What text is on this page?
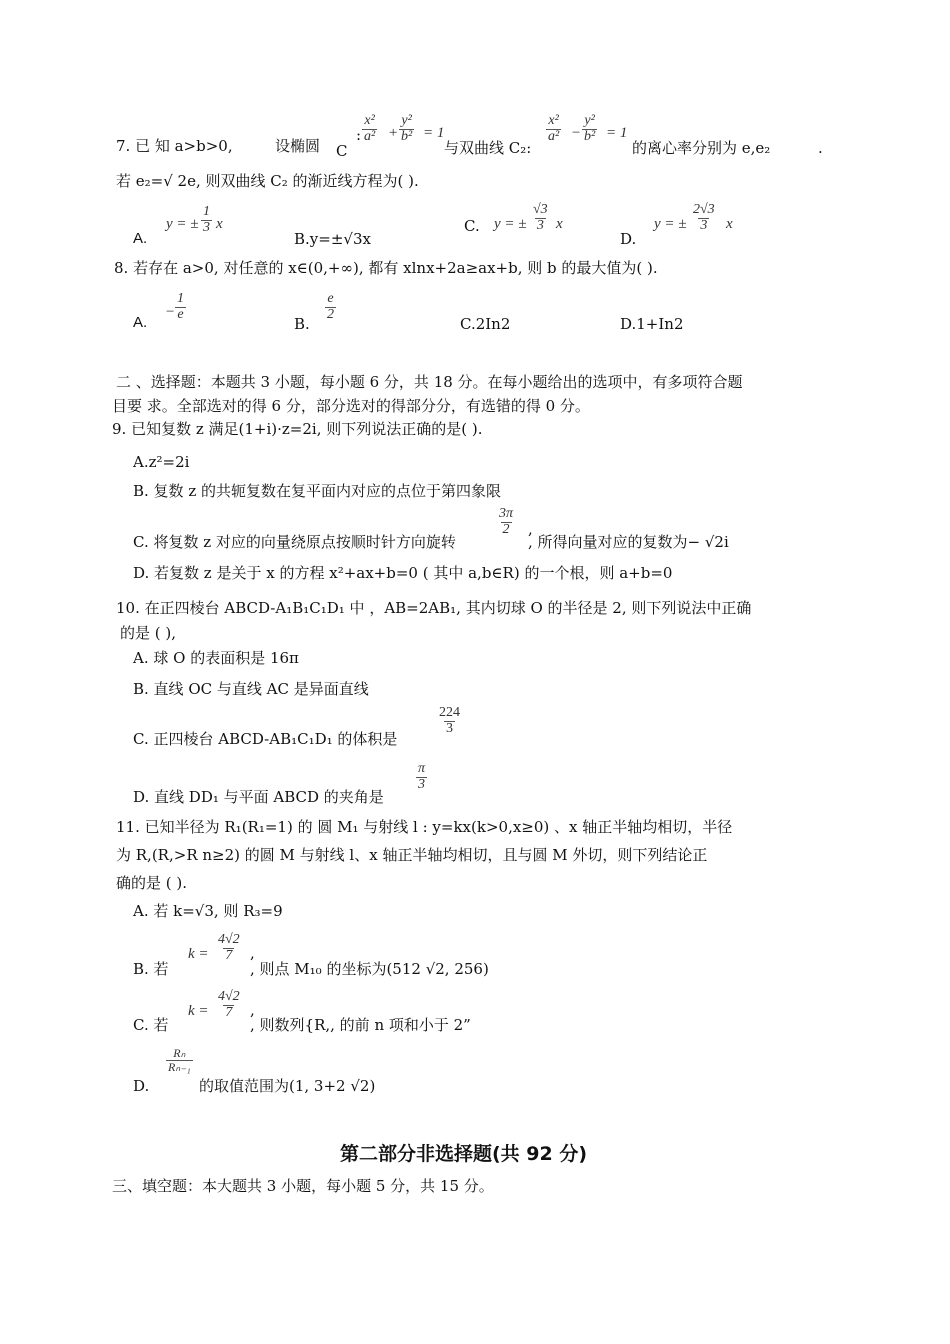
7. 已 知 a>b>0,	设椭圆 C
: $\frac{\text{x²}}{\text{a²}} + \frac{\text{y²}}{\text{b²}} = 1$
与双曲线 C₂:
$\frac{\text{x²}}{\text{a²}} - \frac{\text{y²}}{\text{b²}} = 1$
的离心率分别为 e,e₂	.
若 e₂=√ 2e, 则双曲线 C₂ 的渐近线方程为( ).
A.
y = ± $\frac{1}{3}$ x
B.y=±√3x
C. y = ± $\frac{√3}{3}$ x
D.
y = ± $\frac{2√3}{3}$ x
8. 若存在 a>0, 对任意的 x∈(0,+∞), 都有 xlnx+2a≥ax+b, 则 b 的最大值为( ).
A.
− $\frac{1}{e}$
B.
$\frac{e}{2}$
C.2In2	D.1+In2
二 、选择题：本题共 3 小题，每小题 6 分，共 18 分。在每小题给出的选项中，有多项符合题
目要 求。全部选对的得 6 分，部分选对的得部分分，有选错的得 0 分。
9. 已知复数 z 满足(1+i)·z=2i, 则下列说法正确的是( ).
A.z²=2i
B. 复数 z 的共轭复数在复平面内对应的点位于第四象限
C. 将复数 z 对应的向量绕原点按顺时针方向旋转
$\frac{3\pi}{2}$ ,
, 所得向量对应的复数为− √2i
D. 若复数 z 是关于 x 的方程 x²+ax+b=0 ( 其中 a,b∈R) 的一个根，则 a+b=0
10. 在正四棱台 ABCD-A₁B₁C₁D₁ 中 ，AB=2AB₁, 其内切球 O 的半径是 2, 则下列说法中正确
的是 ( ),
A. 球 O 的表面积是 16π
B. 直线 OC 与直线 AC 是异面直线
C. 正四棱台 ABCD-AB₁C₁D₁ 的体积是
$\frac{224}{3}$
D. 直线 DD₁ 与平面 ABCD 的夹角是
$\frac{\pi}{3}$
11. 已知半径为 R₁(R₁=1) 的 圆 M₁ 与射线 l : y=kx(k>0,x≥0) 、x 轴正半轴均相切，半径
为 R,(R,>R n≥2) 的圆 M 与射线 l、x 轴正半轴均相切，且与圆 M 外切，则下列结论正
确的是 ( ).
A. 若 k=√3, 则 R₃=9
B. 若
$k = \frac{4√2}{7}$ ,
, 则点 M₁₀ 的坐标为(512 √2, 256)
C. 若
$k = \frac{4√2}{7}$ ,
, 则数列{R,, 的前 n 项和小于 2”
D.
$\frac{\text{Rₙ}}{\text{Rₙ₋₁}}$
的取值范围为(1, 3+2 √2)
第二部分非选择题(共 92 分)
三、填空题：本大题共 3 小题，每小题 5 分，共 15 分。
